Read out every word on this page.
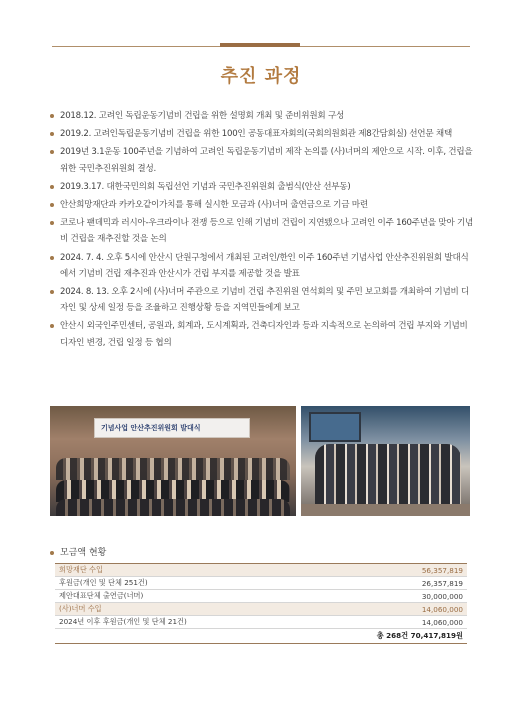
추진 과정
2018.12. 고려인 독립운동기념비 건립을 위한 설명회 개최 및 준비위원회 구성
2019.2. 고려인독립운동기념비 건립을 위한 100인 공동대표자회의(국회의원회관 제8간담회실) 선언문 채택
2019년 3.1운동 100주년을 기념하여 고려인 독립운동기념비 제작 논의를 (사)너머의 제안으로 시작. 이후, 건립을 위한 국민추진위원회 결성.
2019.3.17. 대한국민의회 독립선언 기념과 국민추진위원회 출범식(안산 선부동)
안산희망재단과 카카오같이가치를 통해 실시한 모금과 (사)너머 출연금으로 기금 마련
코로나 팬데믹과 러시아-우크라이나 전쟁 등으로 인해 기념비 건립이 지연됐으나 고려인 이주 160주년을 맞아 기념비 건립을 재추진할 것을 논의
2024. 7. 4. 오후 5시에 안산시 단원구청에서 개최된 고려인/한인 이주 160주년 기념사업 안산추진위원회 발대식에서 기념비 건립 재추진과 안산시가 건립 부지를 제공할 것을 발표
2024. 8. 13. 오후 2시에 (사)너머 주관으로 기념비 건립 추진위원 연석회의 및 주민 보고회를 개최하여 기념비 디자인 및 상세 일정 등을 조율하고 진행상황 등을 지역민들에게 보고
안산시 외국인주민센터, 공원과, 회계과, 도시계획과, 건축디자인과 등과 지속적으로 논의하여 건립 부지와 기념비 디자인 변경, 건립 일정 등 협의
기념사업 안산추진위원회 발대식
모금액 현황
희망재단 수입	56,357,819
후원금(개인 및 단체 251건)	26,357,819
제안대표단체 출연금(너머)	30,000,000
(사)너머 수입	14,060,000
2024년 이후 후원금(개인 및 단체 21건)	14,060,000
총 268건 70,417,819원	
